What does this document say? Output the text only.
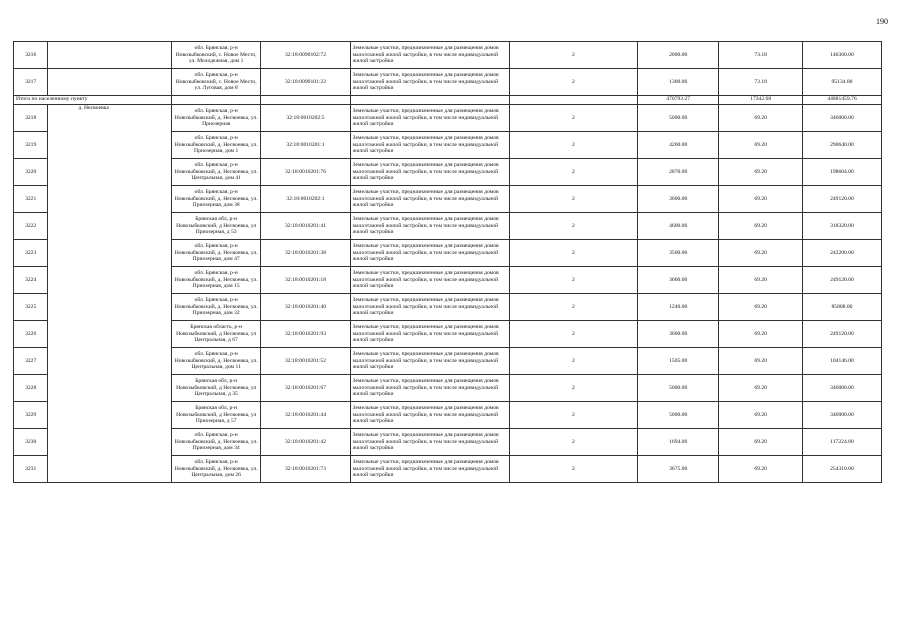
190
3216		обл. Брянская, р-н Новозыбковский, с. Новое Место, ул. Молодежная, дом 1	32:18:0090102:72	Земельные участки, предназначенные для размещения домов малоэтажной жилой застройки, в том числе индивидуальной жилой застройки	2	2000.00	73.18	146360.00
3217		обл. Брянская, р-н Новозыбковский, с. Новое Место, ул. Луговая, дом 8	32:18:0090101:22	Земельные участки, предназначенные для размещения домов малоэтажной жилой застройки, в том числе индивидуальной жилой застройки	2	1300.00	73.18	95134.00
Итого по населенному пункту						470793.27	17342.68	44881459.76
3218	д. Несвоевка	обл. Брянская, р-н Новозыбковский, д. Несвоевка, ул. Приозерная	32:18:0010202:5	Земельные участки, предназначенные для размещения домов малоэтажной жилой застройки, в том числе индивидуальной жилой застройки	2	5000.00	69.20	346000.00
3219		обл. Брянская, р-н Новозыбковский, д. Несвоевка, ул. Приозерная, дом 1	32:18:0010201:1	Земельные участки, предназначенные для размещения домов малоэтажной жилой застройки, в том числе индивидуальной жилой застройки	2	4200.00	69.20	290640.00
3220		обл. Брянская, р-н Новозыбковский, д. Несвоевка, ул. Центральная, дом 41	32:18:0010201:76	Земельные участки, предназначенные для размещения домов малоэтажной жилой застройки, в том числе индивидуальной жилой застройки	2	2870.00	69.20	198604.00
3221		обл. Брянская, р-н Новозыбковский, д. Несвоевка, ул. Приозерная, дом 38	32:18:0010202:1	Земельные участки, предназначенные для размещения домов малоэтажной жилой застройки, в том числе индивидуальной жилой застройки	2	3600.00	69.20	249120.00
3222		Брянская обл, р-н Новозыбковский, д Несвоевка, ул Приозерная, д 53	32:18:0010201:41	Земельные участки, предназначенные для размещения домов малоэтажной жилой застройки, в том числе индивидуальной жилой застройки	2	4600.00	69.20	318320.00
3223		обл. Брянская, р-н Новозыбковский, д. Несвоевка, ул. Приозерная, дом 47	32:18:0010201:38	Земельные участки, предназначенные для размещения домов малоэтажной жилой застройки, в том числе индивидуальной жилой застройки	2	3500.00	69.20	242200.00
3224		обл. Брянская, р-н Новозыбковский, д. Несвоевка, ул. Приозерная, дом 15	32:18:0010201:18	Земельные участки, предназначенные для размещения домов малоэтажной жилой застройки, в том числе индивидуальной жилой застройки	2	3600.00	69.20	249120.00
3225		обл. Брянская, р-н Новозыбковский, д. Несвоевка, ул. Приозерная, дом 32	32:18:0010201:40	Земельные участки, предназначенные для размещения домов малоэтажной жилой застройки, в том числе индивидуальной жилой застройки	2	1240.00	69.20	85808.00
3226		Брянская область, р-н Новозыбковский, д Несвоевка, ул Центральная, д 67	32:18:0010201:93	Земельные участки, предназначенные для размещения домов малоэтажной жилой застройки, в том числе индивидуальной жилой застройки	2	3600.00	69.20	249120.00
3227		обл. Брянская, р-н Новозыбковский, д. Несвоевка, ул. Центральная, дом 11	32:18:0010201:52	Земельные участки, предназначенные для размещения домов малоэтажной жилой застройки, в том числе индивидуальной жилой застройки	2	1505.00	69.20	104146.00
3228		Брянская обл, р-н Новозыбковский, д Несвоевка, ул Центральная, д 35	32:18:0010201:67	Земельные участки, предназначенные для размещения домов малоэтажной жилой застройки, в том числе индивидуальной жилой застройки	2	5000.00	69.20	346000.00
3229		Брянская обл, р-н Новозыбковский, д Несвоевка, ул Приозерная, д 57	32:18:0010201:44	Земельные участки, предназначенные для размещения домов малоэтажной жилой застройки, в том числе индивидуальной жилой застройки	2	5000.00	69.20	346000.00
3230		обл. Брянская, р-н Новозыбковский, д. Несвоевка, ул. Приозерная, дом 34	32:18:0010201:42	Земельные участки, предназначенные для размещения домов малоэтажной жилой застройки, в том числе индивидуальной жилой застройки	2	1694.00	69.20	117224.80
3231		обл. Брянская, р-н Новозыбковский, д. Несвоевка, ул. Центральная, дом 26	32:18:0010201:73	Земельные участки, предназначенные для размещения домов малоэтажной жилой застройки, в том числе индивидуальной жилой застройки	2	3675.00	69.20	254310.00
